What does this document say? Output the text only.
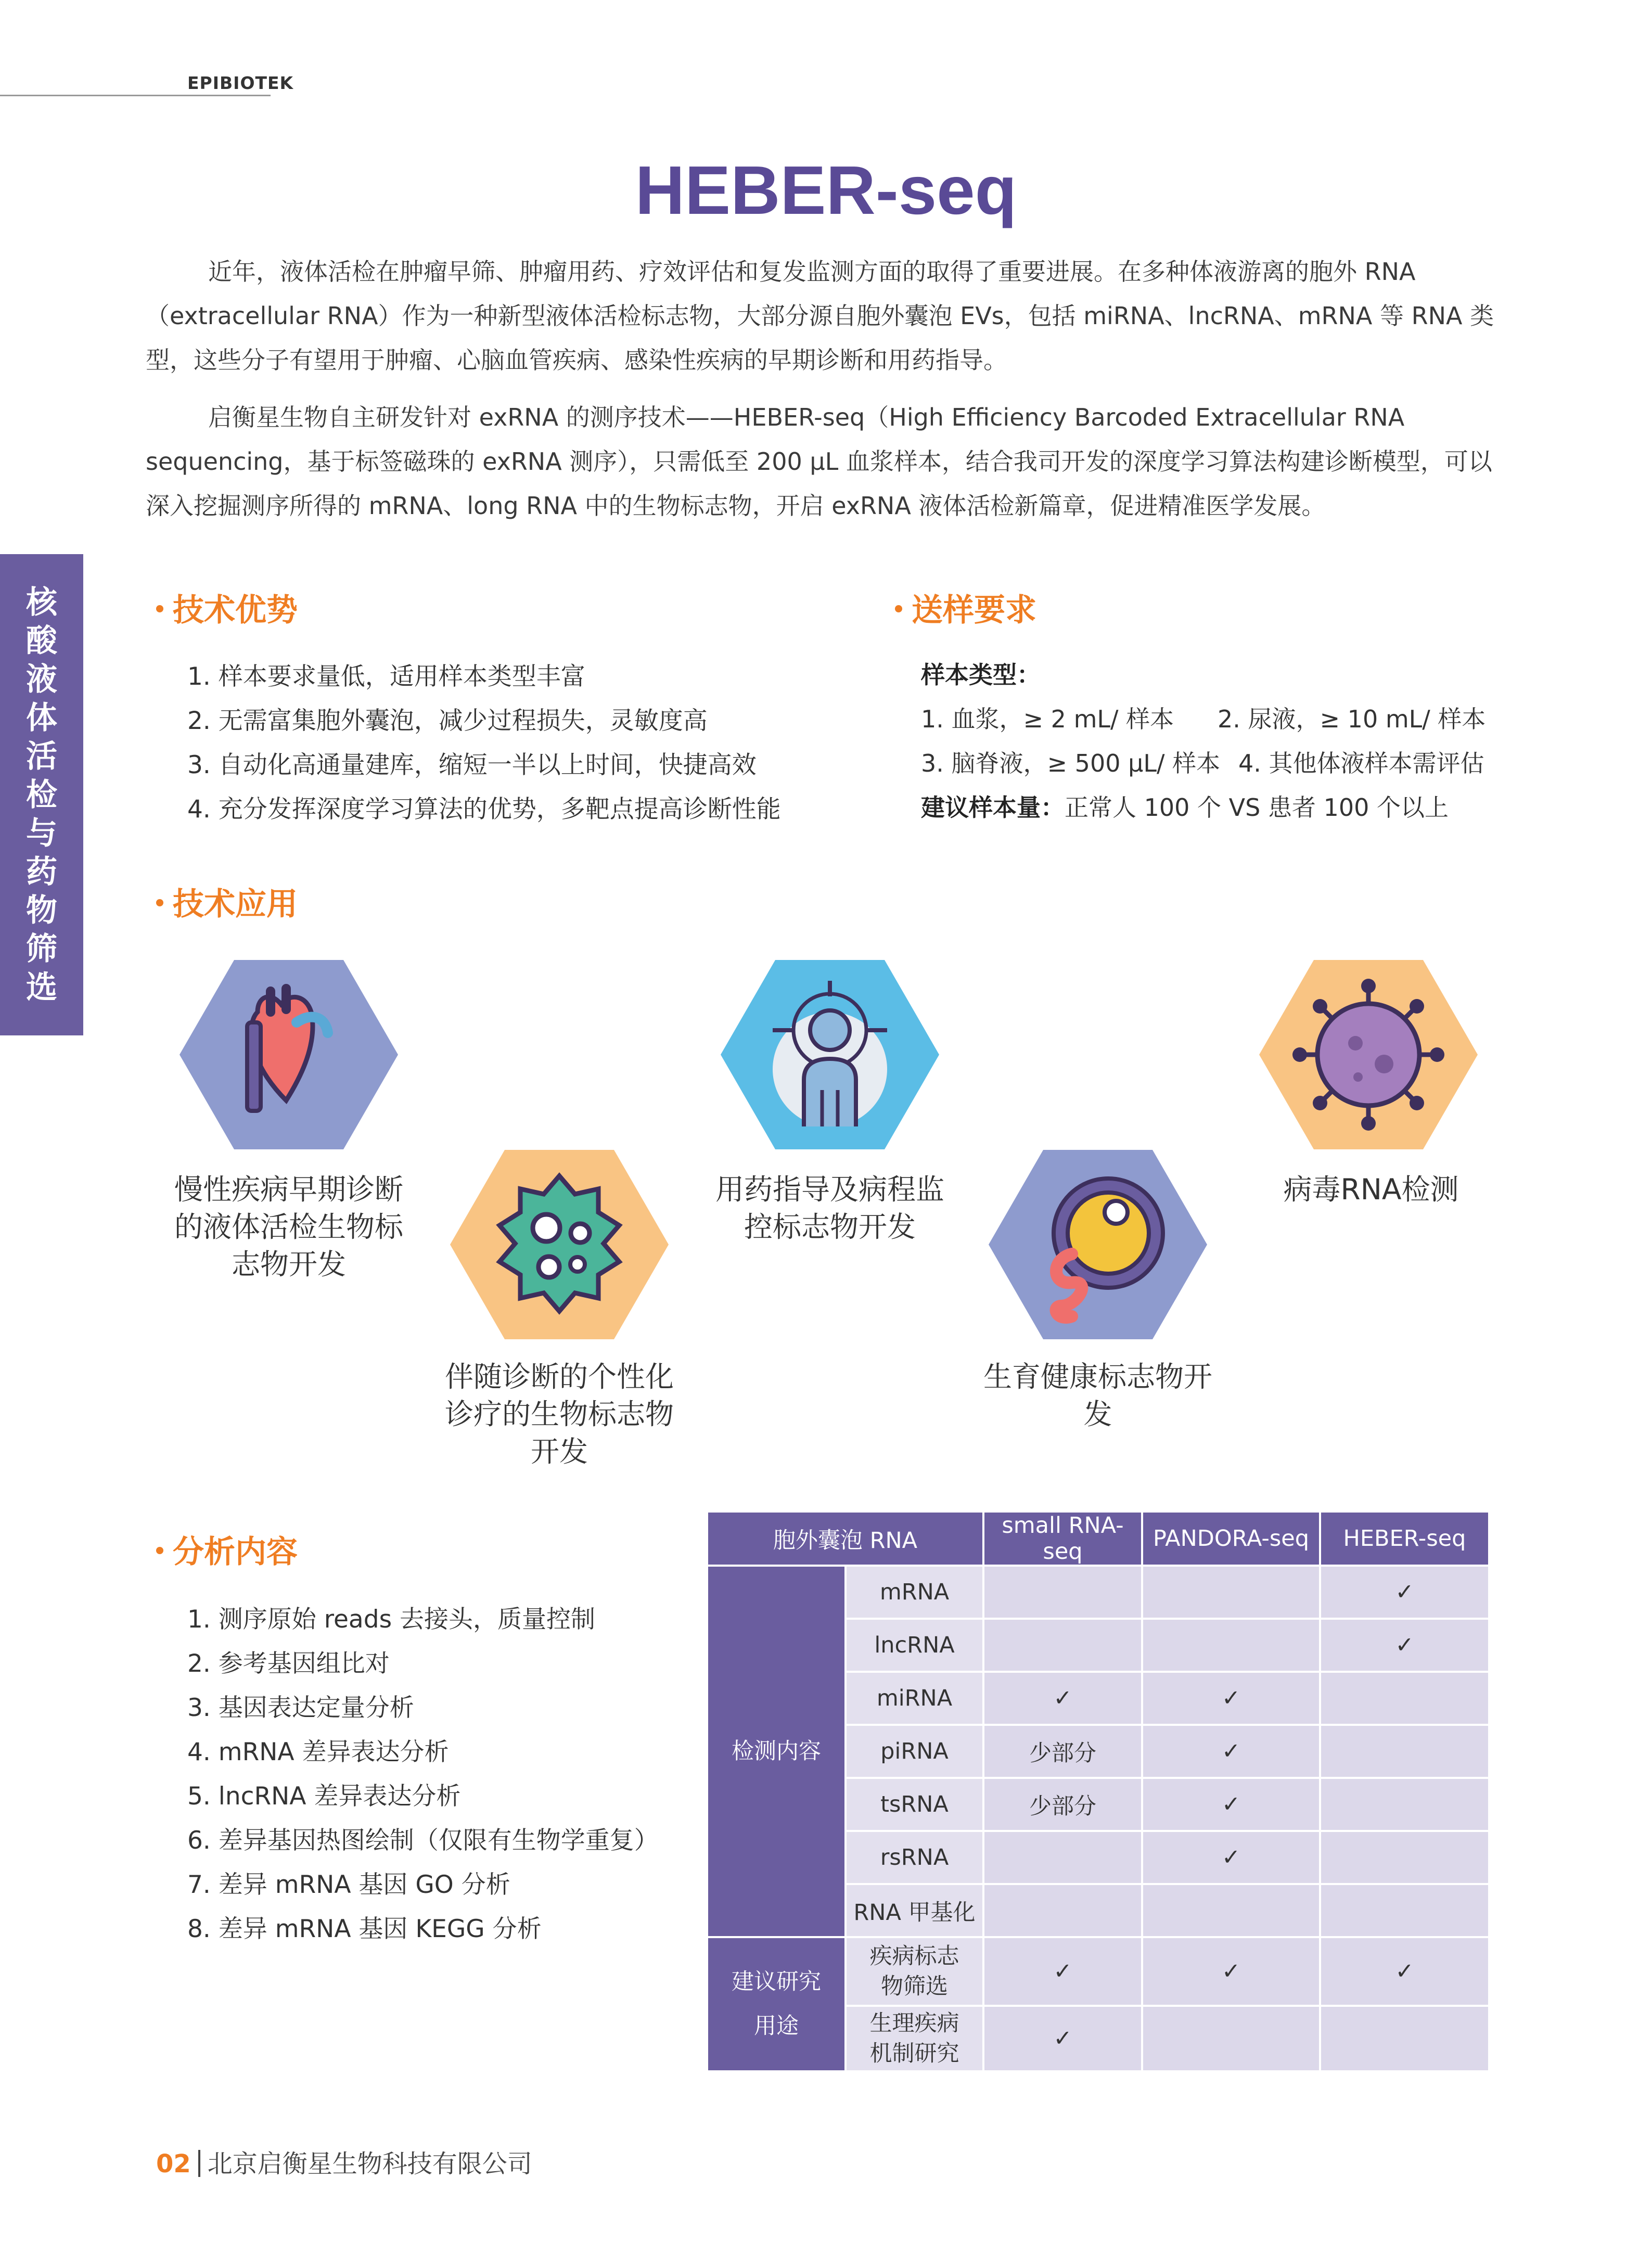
EPIBIOTEK
核
酸
液
体
活
检
与
药
物
筛
选
HEBER-seq

近年，液体活检在肿瘤早筛、肿瘤用药、疗效评估和复发监测方面的取得了重要进展。在多种体液游离的胞外 RNA（extracellular RNA）作为一种新型液体活检标志物，大部分源自胞外囊泡 EVs，包括 miRNA、lncRNA、mRNA 等 RNA 类型，这些分子有望用于肿瘤、心脑血管疾病、感染性疾病的早期诊断和用药指导。

启衡星生物自主研发针对 exRNA 的测序技术——HEBER-seq（High Efficiency Barcoded Extracellular RNA sequencing，基于标签磁珠的 exRNA 测序），只需低至 200 µL 血浆样本，结合我司开发的深度学习算法构建诊断模型，可以深入挖掘测序所得的 mRNA、long RNA 中的生物标志物，开启 exRNA 液体活检新篇章，促进精准医学发展。

技术优势
1. 样本要求量低，适用样本类型丰富
2. 无需富集胞外囊泡，减少过程损失，灵敏度高
3. 自动化高通量建库，缩短一半以上时间，快捷高效
4. 充分发挥深度学习算法的优势，多靶点提高诊断性能
送样要求
样本类型：
1. 血浆，≥ 2 mL/ 样本 2. 尿液，≥ 10 mL/ 样本
3. 脑脊液，≥ 500 µL/ 样本 4. 其他体液样本需评估
建议样本量：正常人 100 个 VS 患者 100 个以上
技术应用
慢性疾病早期诊断的液体活检生物标志物开发
伴随诊断的个性化诊疗的生物标志物开发
用药指导及病程监控标志物开发
生育健康标志物开发
病毒RNA检测
分析内容
1. 测序原始 reads 去接头，质量控制
2. 参考基因组比对
3. 基因表达定量分析
4. mRNA 差异表达分析
5. lncRNA 差异表达分析
6. 差异基因热图绘制（仅限有生物学重复）
7. 差异 mRNA 基因 GO 分析
8. 差异 mRNA 基因 KEGG 分析
胞外囊泡 RNA		small RNA-seq	PANDORA-seq	HEBER-seq
检测内容	mRNA			✓
	lncRNA			✓
	miRNA	✓	✓	
	piRNA	少部分	✓	
	tsRNA	少部分	✓	
	rsRNA		✓	
	RNA 甲基化			
建议研究用途	疾病标志物筛选	✓	✓	✓
	生理疾病机制研究	✓		
02 北京启衡星生物科技有限公司
